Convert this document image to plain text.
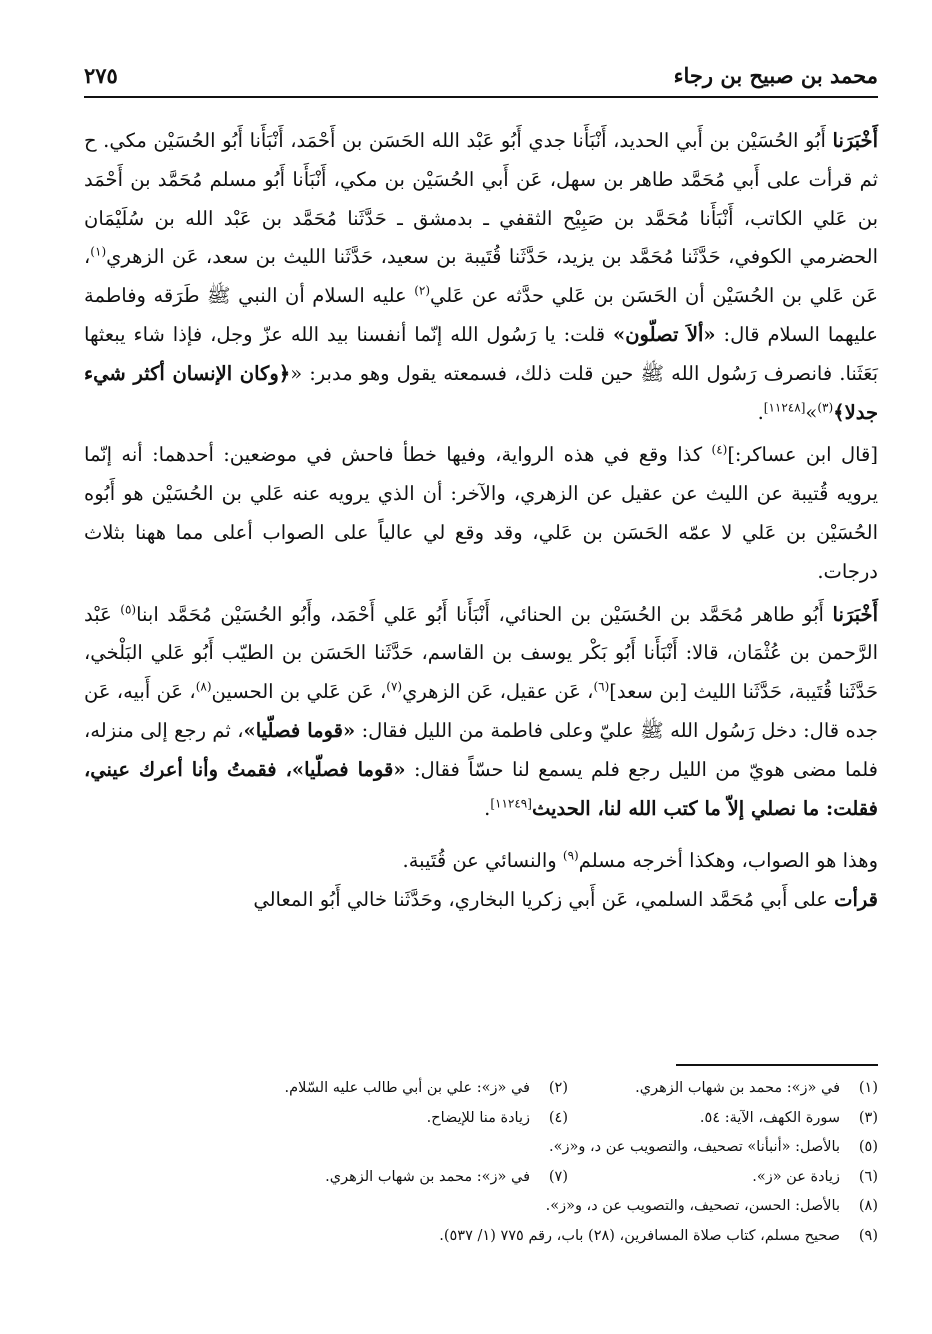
محمد بن صبيح بن رجاء
٢٧٥

أَخْبَرَنا أَبُو الحُسَيْن بن أَبي الحديد، أَنْبَأَنا جدي أَبُو عَبْد الله الحَسَن بن أَحْمَد، أَنْبَأَنا أَبُو الحُسَيْن مكي. ح ثم قرأت على أَبي مُحَمَّد طاهر بن سهل، عَن أَبي الحُسَيْن بن مكي، أَنْبَأَنا أَبُو مسلم مُحَمَّد بن أَحْمَد بن عَلي الكاتب، أَنْبَأَنا مُحَمَّد بن صَبِيْح الثقفي ـ بدمشق ـ حَدَّثَنا مُحَمَّد بن عَبْد الله بن سُلَيْمَان الحضرمي الكوفي، حَدَّثَنا مُحَمَّد بن يزيد، حَدَّثَنا قُتَيبة بن سعيد، حَدَّثَنا الليث بن سعد، عَن الزهري$^{(١)}$، عَن عَلي بن الحُسَيْن أن الحَسَن بن عَلي حدَّثه عن عَلي$^{(٢)}$ عليه السلام أن النبي ﷺ طَرَقه وفاطمة عليهما السلام قال: «ألاَ تصلّون» قلت: يا رَسُول الله إنّما أنفسنا بيد الله عزّ وجل، فإذا شاء يبعثها بَعَثَنا. فانصرف رَسُول الله ﷺ حين قلت ذلك، فسمعته يقول وهو مدبر: «﴿وكان الإنسان أكثر شيء جدلا﴾$^{(٣)}$»[١١٢٤٨].

[قال ابن عساكر:]$^{(٤)}$ كذا وقع في هذه الرواية، وفيها خطأ فاحش في موضعين: أحدهما: أنه إنّما يرويه قُتيبة عن الليث عن عقيل عن الزهري، والآخر: أن الذي يرويه عنه عَلي بن الحُسَيْن هو أَبُوه الحُسَيْن بن عَلي لا عمّه الحَسَن بن عَلي، وقد وقع لي عالياً على الصواب أعلى مما ههنا بثلاث درجات.

أَخْبَرَنا أَبُو طاهر مُحَمَّد بن الحُسَيْن بن الحنائي، أَنْبَأَنا أَبُو عَلي أَحْمَد، وأَبُو الحُسَيْن مُحَمَّد ابنا$^{(٥)}$ عَبْد الرَّحمن بن عُثْمَان، قالا: أَنْبَأَنا أَبُو بَكْر يوسف بن القاسم، حَدَّثَنا الحَسَن بن الطيّب أَبُو عَلي البَلْخي، حَدَّثَنا قُتَيبة، حَدَّثَنا الليث [بن سعد]$^{(٦)}$، عَن عقيل، عَن الزهري$^{(٧)}$، عَن عَلي بن الحسين$^{(٨)}$، عَن أَبيه، عَن جده قال: دخل رَسُول الله ﷺ عليّ وعلى فاطمة من الليل فقال: «قوما فصلّيا»، ثم رجع إلى منزله، فلما مضى هويّ من الليل رجع فلم يسمع لنا حسّاً فقال: «قوما فصلّيا»، فقمتُ وأنا أعرك عيني، فقلت: ما نصلي إلاّ ما كتب الله لنا، الحديث[١١٢٤٩].

وهذا هو الصواب، وهكذا أخرجه مسلم$^{(٩)}$ والنسائي عن قُتَيبة.

قرأت على أَبي مُحَمَّد السلمي، عَن أَبي زكريا البخاري، وحَدَّثَنا خالي أَبُو المعالي

(١)
في «ز»: محمد بن شهاب الزهري.
(٢)
في «ز»: علي بن أبي طالب عليه السّلام.
(٣)
سورة الكهف، الآية: ٥٤.
(٤)
زيادة منا للإيضاح.
(٥)
بالأصل: «أنبأنا» تصحيف، والتصويب عن د، و«ز».
(٦)
زيادة عن «ز».
(٧)
في «ز»: محمد بن شهاب الزهري.
(٨)
بالأصل: الحسن، تصحيف، والتصويب عن د، و«ز».
(٩)
صحيح مسلم، كتاب صلاة المسافرين، (٢٨) باب، رقم ٧٧٥ (١/ ٥٣٧).
